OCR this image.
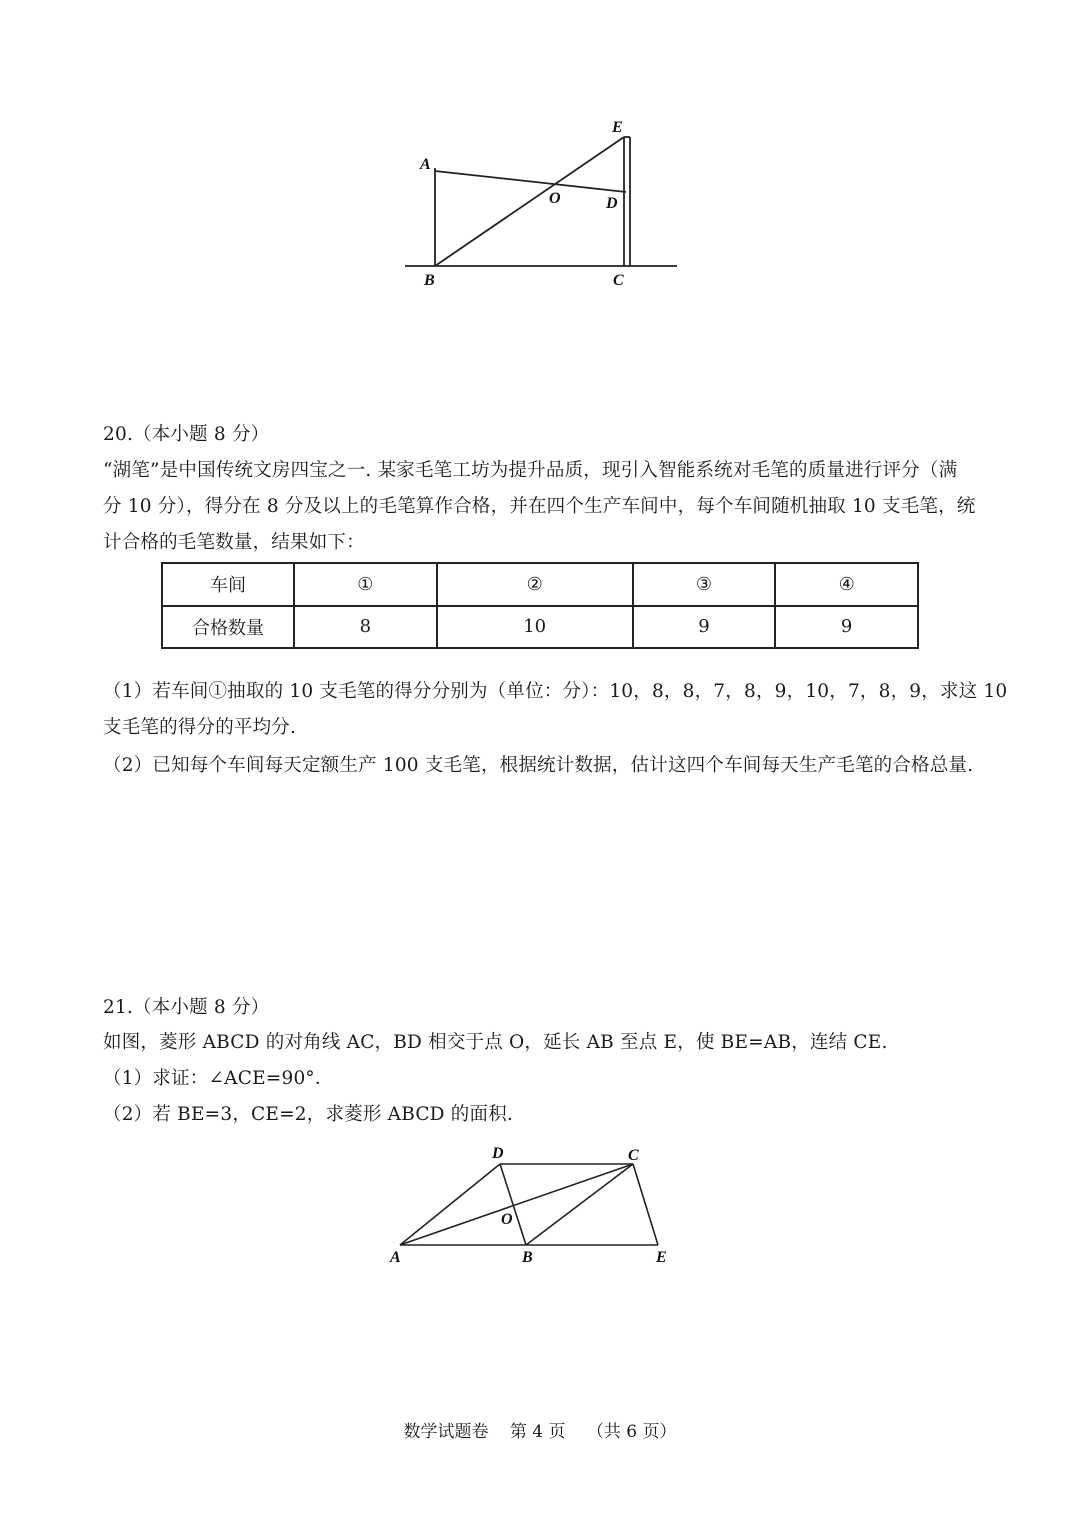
A
E
O	D
B	C
20.（本小题 8 分）
“湖笔”是中国传统文房四宝之一. 某家毛笔工坊为提升品质，现引入智能系统对毛笔的质量进行评分（满
分 10 分），得分在 8 分及以上的毛笔算作合格，并在四个生产车间中，每个车间随机抽取 10 支毛笔，统
计合格的毛笔数量，结果如下：
车间	①	②	③	④
合格数量	8	10	9	9
（1）若车间①抽取的 10 支毛笔的得分分别为（单位：分）：10，8，8，7，8，9，10，7，8，9，求这 10
支毛笔的得分的平均分.
（2）已知每个车间每天定额生产 100 支毛笔，根据统计数据，估计这四个车间每天生产毛笔的合格总量.
21.（本小题 8 分）
如图，菱形 ABCD 的对角线 AC，BD 相交于点 O，延长 AB 至点 E，使 BE=AB，连结 CE.
（1）求证：∠ACE=90°．
（2）若 BE=3，CE=2，求菱形 ABCD 的面积.
D	C
O
A	B	E
数学试题卷 第 4 页 （共 6 页）
